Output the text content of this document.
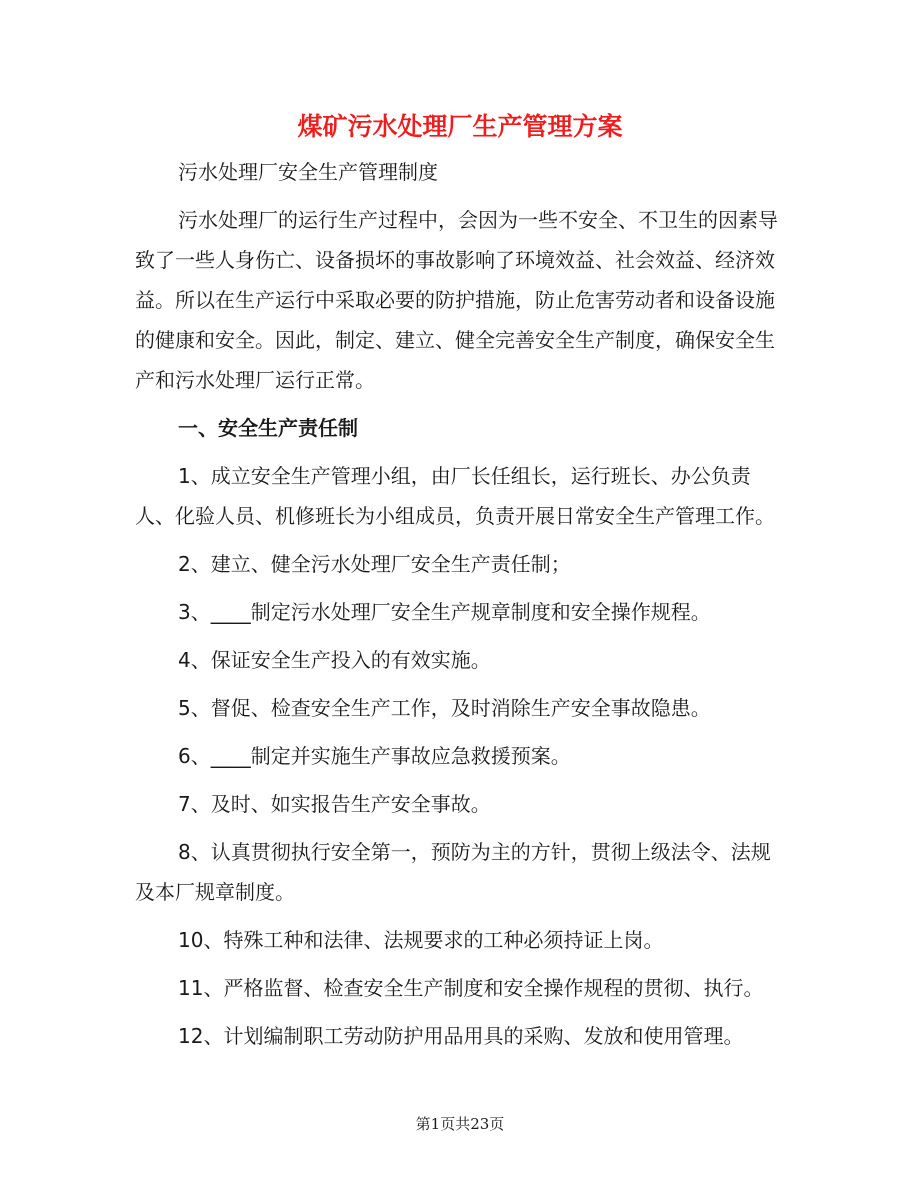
煤矿污水处理厂生产管理方案

污水处理厂安全生产管理制度

污水处理厂的运行生产过程中，会因为一些不安全、不卫生的因素导致了一些人身伤亡、设备损坏的事故影响了环境效益、社会效益、经济效益。所以在生产运行中采取必要的防护措施，防止危害劳动者和设备设施的健康和安全。因此，制定、建立、健全完善安全生产制度，确保安全生产和污水处理厂运行正常。

一、安全生产责任制

1、成立安全生产管理小组，由厂长任组长，运行班长、办公负责人、化验人员、机修班长为小组成员，负责开展日常安全生产管理工作。

2、建立、健全污水处理厂安全生产责任制；

3、____制定污水处理厂安全生产规章制度和安全操作规程。

4、保证安全生产投入的有效实施。

5、督促、检查安全生产工作，及时消除生产安全事故隐患。

6、____制定并实施生产事故应急救援预案。

7、及时、如实报告生产安全事故。

8、认真贯彻执行安全第一，预防为主的方针，贯彻上级法令、法规及本厂规章制度。

10、特殊工种和法律、法规要求的工种必须持证上岗。

11、严格监督、检查安全生产制度和安全操作规程的贯彻、执行。

12、计划编制职工劳动防护用品用具的采购、发放和使用管理。

第1页共23页
